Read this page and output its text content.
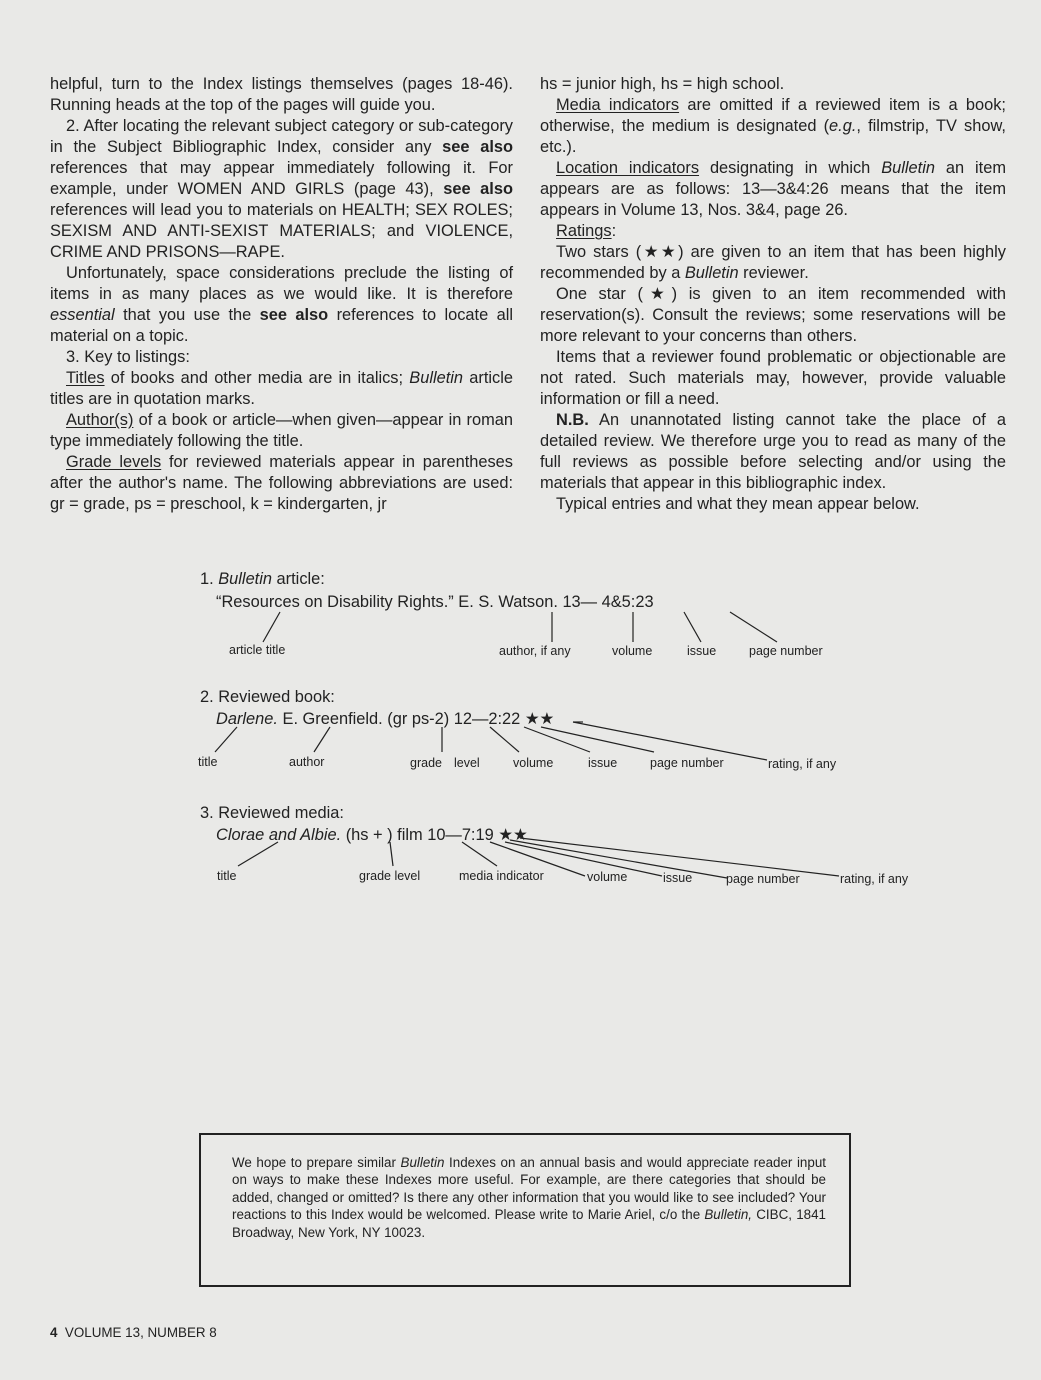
helpful, turn to the Index listings themselves (pages 18-46). Running heads at the top of the pages will guide you.

2. After locating the relevant subject category or sub-category in the Subject Bibliographic Index, consider any see also references that may appear immediately following it. For example, under WOMEN AND GIRLS (page 43), see also references will lead you to materials on HEALTH; SEX ROLES; SEXISM AND ANTI-SEXIST MATERIALS; and VIOLENCE, CRIME AND PRISONS—RAPE.

Unfortunately, space considerations preclude the listing of items in as many places as we would like. It is therefore essential that you use the see also references to locate all material on a topic.

3. Key to listings:

Titles of books and other media are in italics; Bulletin article titles are in quotation marks.

Author(s) of a book or article—when given—appear in roman type immediately following the title.

Grade levels for reviewed materials appear in parentheses after the author's name. The following abbreviations are used: gr = grade, ps = preschool, k = kindergarten, jr

hs = junior high, hs = high school.

Media indicators are omitted if a reviewed item is a book; otherwise, the medium is designated (e.g., filmstrip, TV show, etc.).

Location indicators designating in which Bulletin an item appears are as follows: 13—3&4:26 means that the item appears in Volume 13, Nos. 3&4, page 26.

Ratings:

Two stars (★★) are given to an item that has been highly recommended by a Bulletin reviewer.

One star (★) is given to an item recommended with reservation(s). Consult the reviews; some reservations will be more relevant to your concerns than others.

Items that a reviewer found problematic or objectionable are not rated. Such materials may, however, provide valuable information or fill a need.

N.B. An unannotated listing cannot take the place of a detailed review. We therefore urge you to read as many of the full reviews as possible before selecting and/or using the materials that appear in this bibliographic index.

Typical entries and what they mean appear below.

1. Bulletin article:
“Resources on Disability Rights.” E. S. Watson. 13— 4&5:23
article title	author, if any	volume	issue	page number
2. Reviewed book:
Darlene. E. Greenfield. (gr ps-2) 12—2:22 ★★
title	author	grade level	volume	issue	page number	rating, if any
3. Reviewed media:
Clorae and Albie. (hs + ) film 10—7:19 ★★
title	grade level	media indicator	volume	issue	page number	rating, if any
We hope to prepare similar Bulletin Indexes on an annual basis and would appreciate reader input on ways to make these Indexes more useful. For example, are there categories that should be added, changed or omitted? Is there any other information that you would like to see included? Your reactions to this Index would be welcomed. Please write to Marie Ariel, c/o the Bulletin, CIBC, 1841 Broadway, New York, NY 10023.
4 VOLUME 13, NUMBER 8
